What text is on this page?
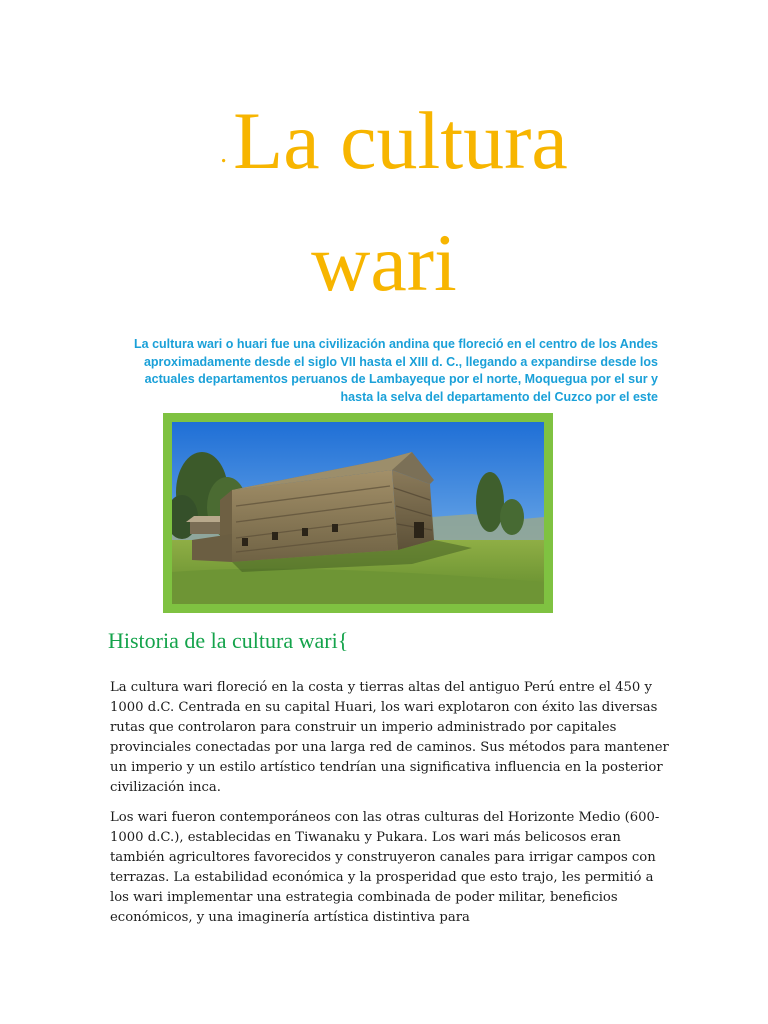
.La cultura
wari

La cultura wari o huari fue una civilización andina que floreció en el centro de los Andes aproximadamente desde el siglo VII hasta el XIII d. C., llegando a expandirse desde los actuales departamentos peruanos de Lambayeque por el norte, Moquegua por el sur y hasta la selva del departamento del Cuzco por el este

Historia de la cultura wari{

La cultura wari floreció en la costa y tierras altas del antiguo Perú entre el 450 y 1000 d.C. Centrada en su capital Huari, los wari explotaron con éxito las diversas rutas que controlaron para construir un imperio administrado por capitales provinciales conectadas por una larga red de caminos. Sus métodos para mantener un imperio y un estilo artístico tendrían una significativa influencia en la posterior civilización inca.

Los wari fueron contemporáneos con las otras culturas del Horizonte Medio (600-1000 d.C.), establecidas en Tiwanaku y Pukara. Los wari más belicosos eran también agricultores favorecidos y construyeron canales para irrigar campos con terrazas. La estabilidad económica y la prosperidad que esto trajo, les permitió a los wari implementar una estrategia combinada de poder militar, beneficios económicos, y una imaginería artística distintiva para
